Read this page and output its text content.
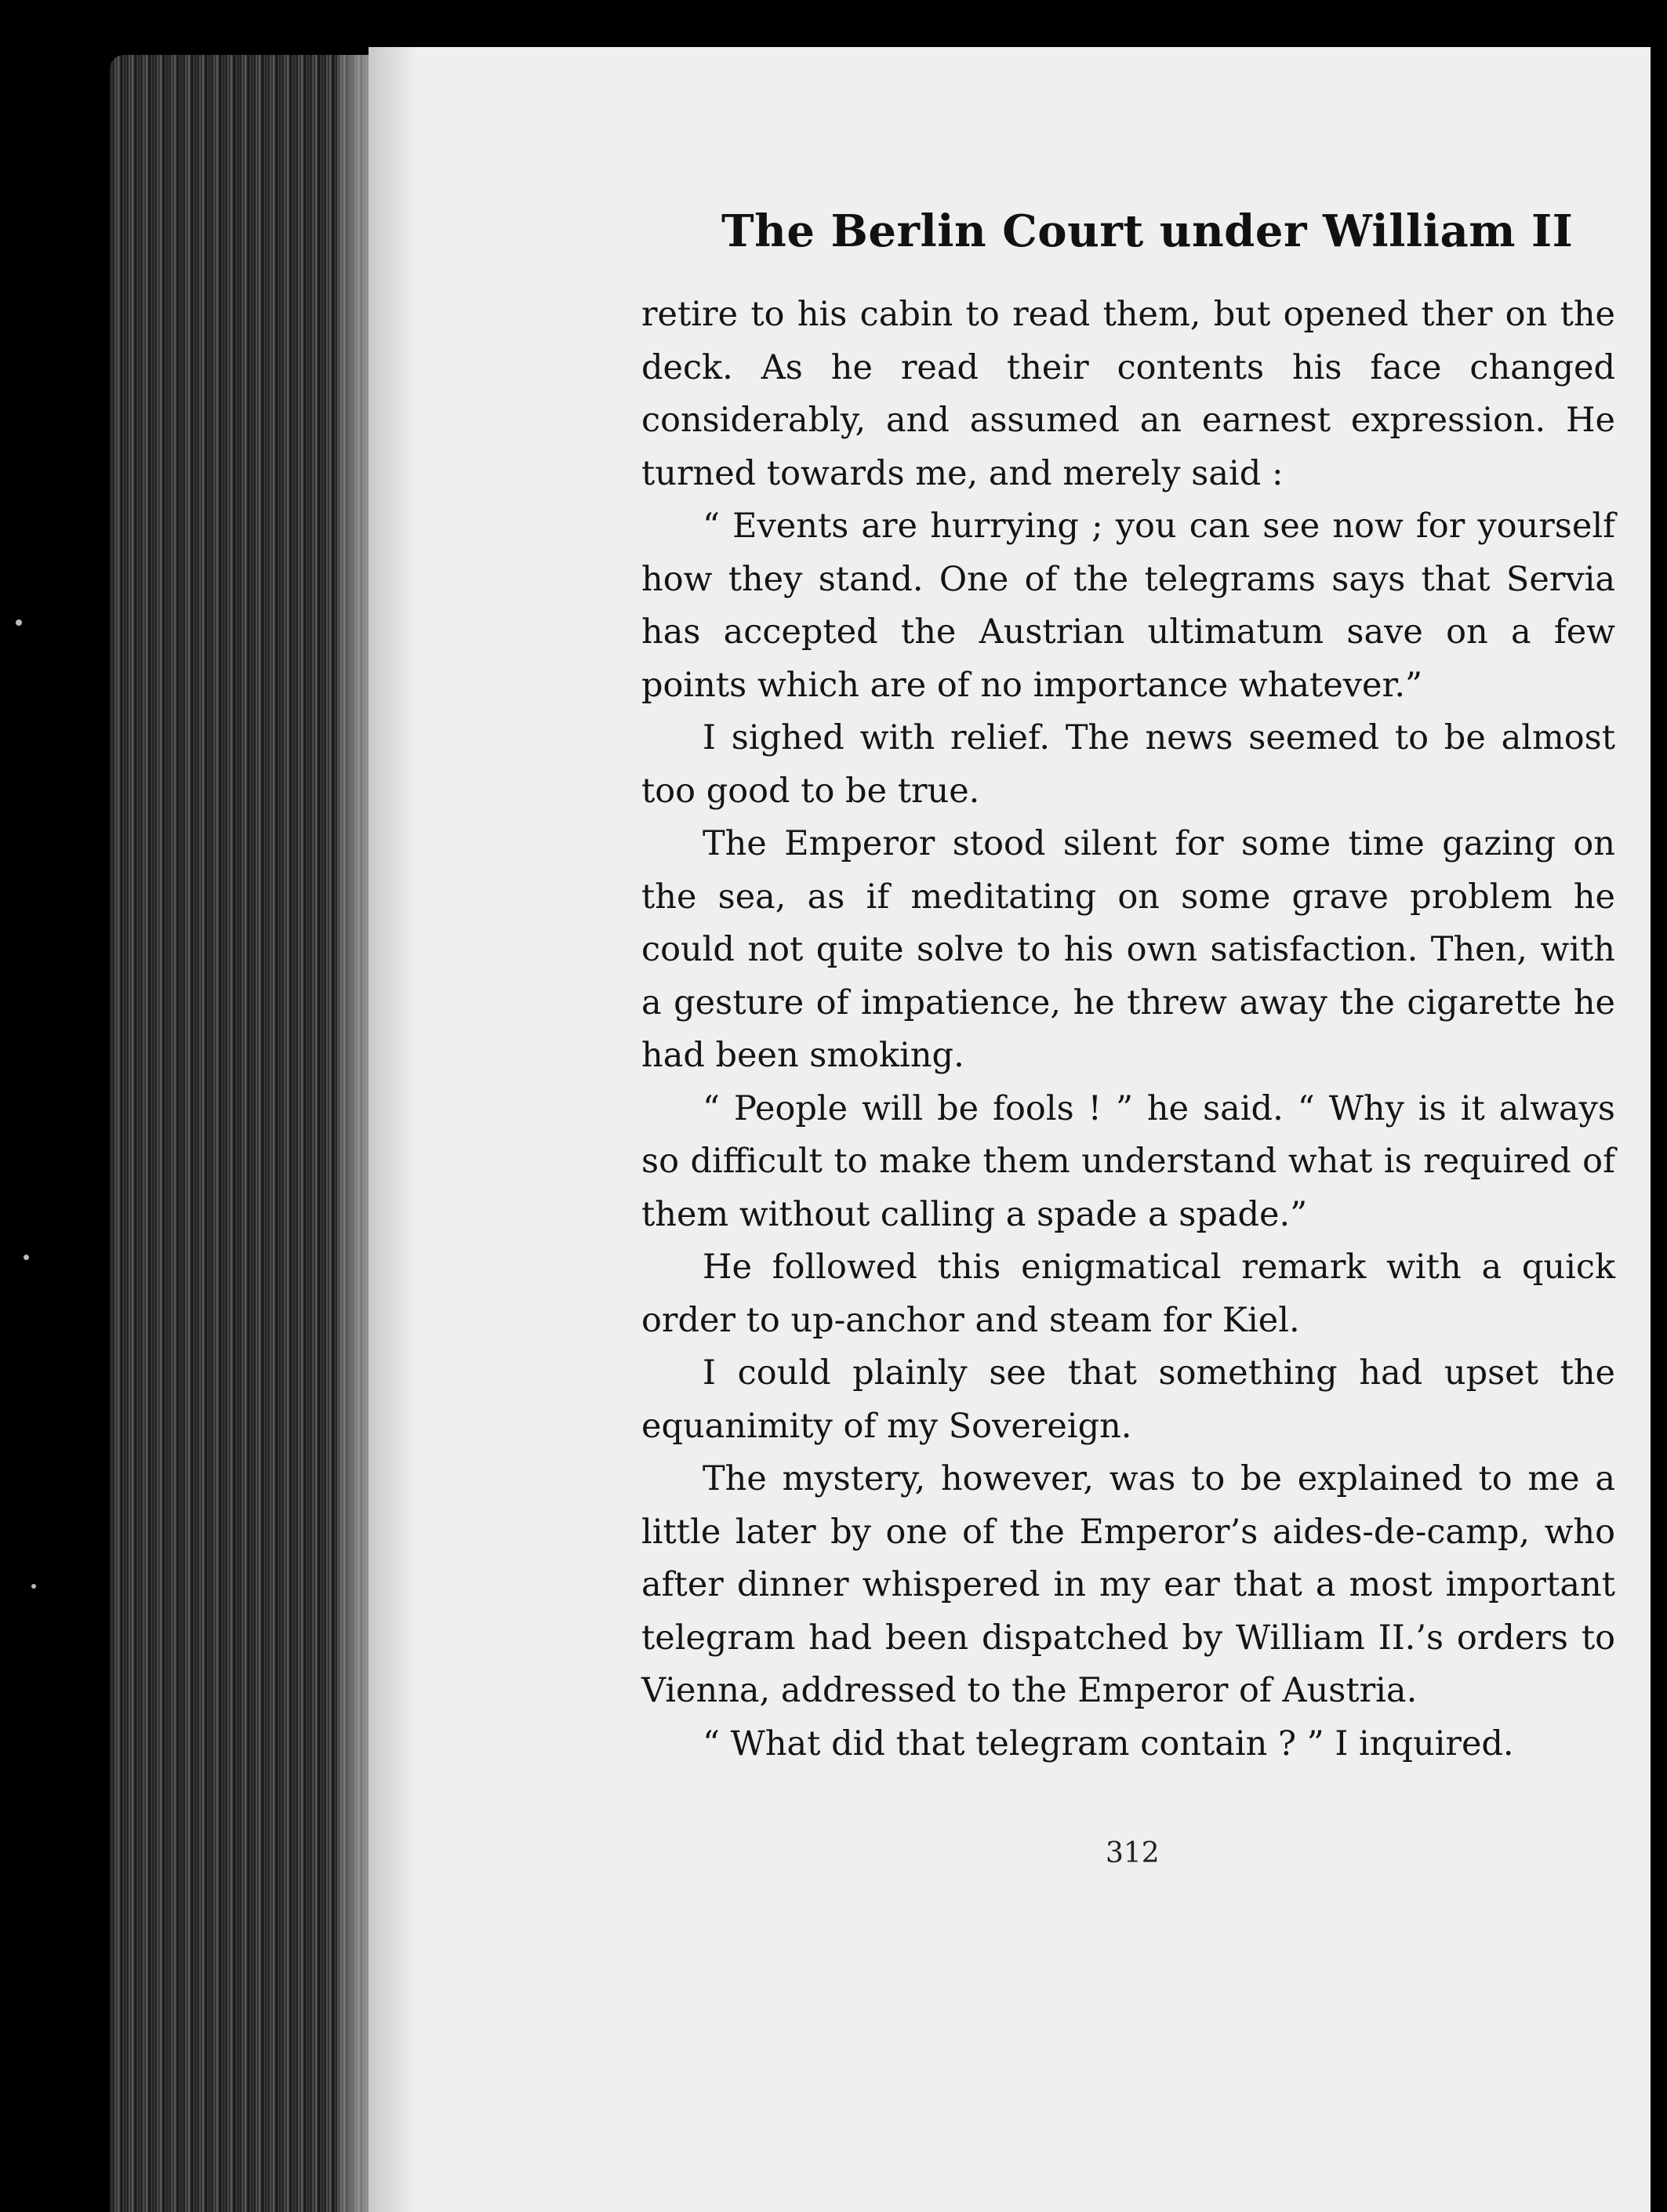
The Berlin Court under William II

retire to his cabin to read them, but opened ther on the deck. As he read their contents his face changed considerably, and assumed an earnest expression. He turned towards me, and merely said :

“ Events are hurrying ; you can see now for yourself how they stand. One of the telegrams says that Servia has accepted the Austrian ultimatum save on a few points which are of no importance whatever.”

I sighed with relief. The news seemed to be almost too good to be true.

The Emperor stood silent for some time gazing on the sea, as if meditating on some grave problem he could not quite solve to his own satisfaction. Then, with a gesture of impatience, he threw away the cigarette he had been smoking.

“ People will be fools ! ” he said. “ Why is it always so difficult to make them understand what is required of them without calling a spade a spade.”

He followed this enigmatical remark with a quick order to up-anchor and steam for Kiel.

I could plainly see that something had upset the equanimity of my Sovereign.

The mystery, however, was to be explained to me a little later by one of the Emperor’s aides-de-camp, who after dinner whispered in my ear that a most important telegram had been dispatched by William II.’s orders to Vienna, addressed to the Emperor of Austria.

“ What did that telegram contain ? ” I inquired.

312
